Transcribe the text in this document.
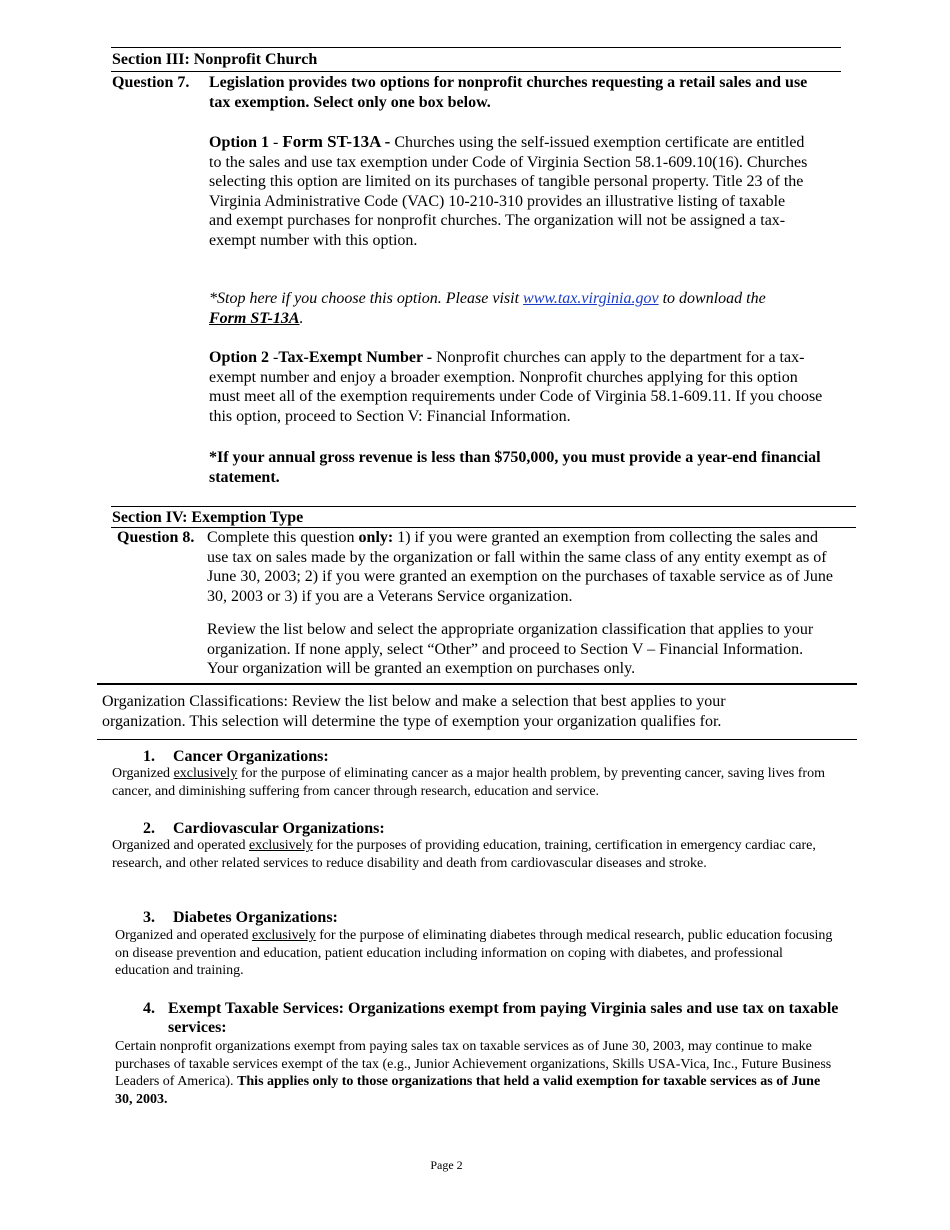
Section III: Nonprofit Church
Question 7. Legislation provides two options for nonprofit churches requesting a retail sales and use tax exemption. Select only one box below.
Option 1 - Form ST-13A - Churches using the self-issued exemption certificate are entitled to the sales and use tax exemption under Code of Virginia Section 58.1-609.10(16). Churches selecting this option are limited on its purchases of tangible personal property. Title 23 of the Virginia Administrative Code (VAC) 10-210-310 provides an illustrative listing of taxable and exempt purchases for nonprofit churches. The organization will not be assigned a tax- exempt number with this option.
*Stop here if you choose this option. Please visit www.tax.virginia.gov to download the Form ST-13A.
Option 2 -Tax-Exempt Number - Nonprofit churches can apply to the department for a tax-exempt number and enjoy a broader exemption. Nonprofit churches applying for this option must meet all of the exemption requirements under Code of Virginia 58.1-609.11. If you choose this option, proceed to Section V: Financial Information.
*If your annual gross revenue is less than $750,000, you must provide a year-end financial statement.
Section IV: Exemption Type
Question 8. Complete this question only: 1) if you were granted an exemption from collecting the sales and use tax on sales made by the organization or fall within the same class of any entity exempt as of June 30, 2003; 2) if you were granted an exemption on the purchases of taxable service as of June 30, 2003 or 3) if you are a Veterans Service organization.
Review the list below and select the appropriate organization classification that applies to your organization. If none apply, select “Other” and proceed to Section V – Financial Information. Your organization will be granted an exemption on purchases only.
Organization Classifications: Review the list below and make a selection that best applies to your organization. This selection will determine the type of exemption your organization qualifies for.
1. Cancer Organizations:
Organized exclusively for the purpose of eliminating cancer as a major health problem, by preventing cancer, saving lives from cancer, and diminishing suffering from cancer through research, education and service.
2. Cardiovascular Organizations:
Organized and operated exclusively for the purposes of providing education, training, certification in emergency cardiac care, research, and other related services to reduce disability and death from cardiovascular diseases and stroke.
3. Diabetes Organizations:
Organized and operated exclusively for the purpose of eliminating diabetes through medical research, public education focusing on disease prevention and education, patient education including information on coping with diabetes, and professional education and training.
4. Exempt Taxable Services: Organizations exempt from paying Virginia sales and use tax on taxable services:
Certain nonprofit organizations exempt from paying sales tax on taxable services as of June 30, 2003, may continue to make purchases of taxable services exempt of the tax (e.g., Junior Achievement organizations, Skills USA-Vica, Inc., Future Business Leaders of America). This applies only to those organizations that held a valid exemption for taxable services as of June 30, 2003.
Page 2
